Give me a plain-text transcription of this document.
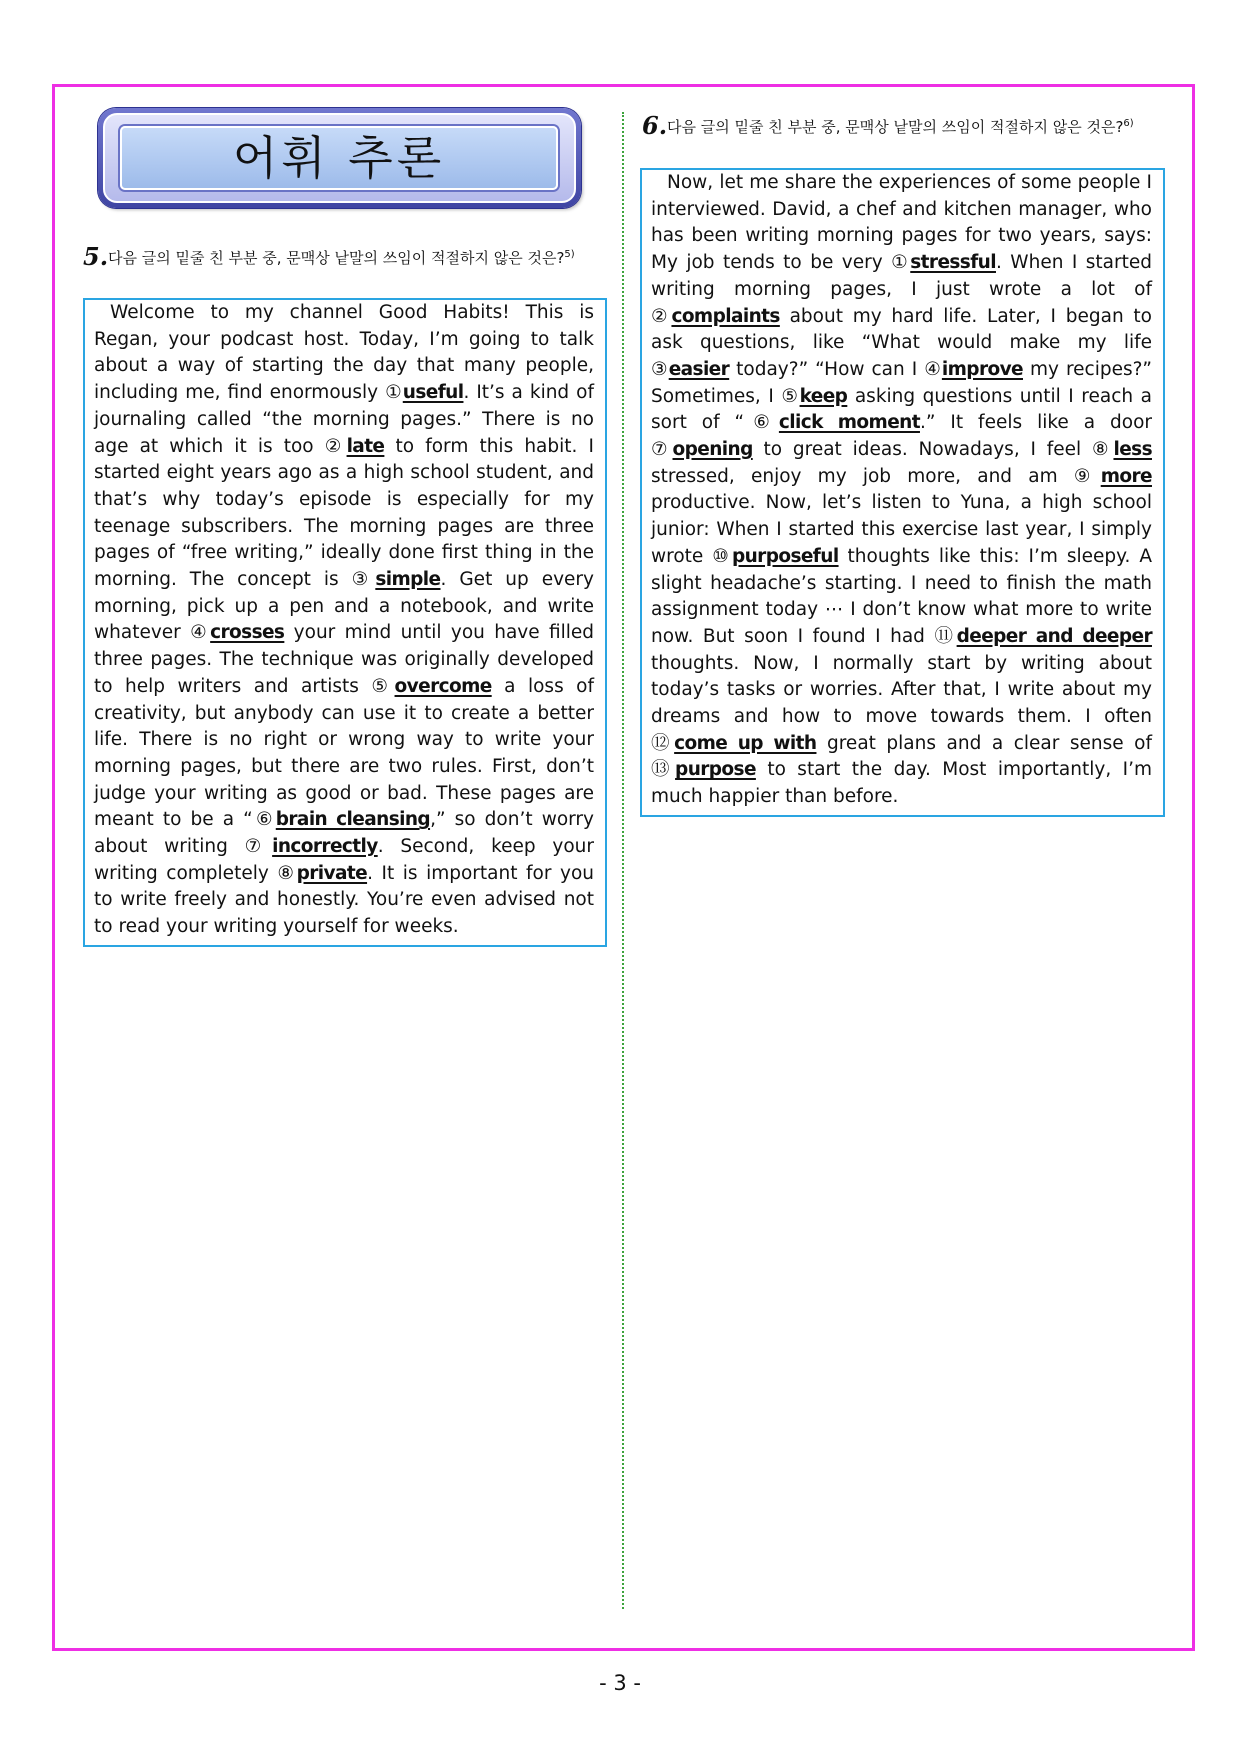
어휘 추론
5. 다음 글의 밑줄 친 부분 중, 문맥상 낱말의 쓰임이 적절하지 않은 것은?$^{5)}$

Welcome to my channel Good Habits! This is Regan, your podcast host. Today, I’m going to talk about a way of starting the day that many people, including me, find enormously ①useful. It’s a kind of journaling called “the morning pages.” There is no age at which it is too ②late to form this habit. I started eight years ago as a high school student, and that’s why today’s episode is especially for my teenage subscribers. The morning pages are three pages of “free writing,” ideally done first thing in the morning. The concept is ③simple. Get up every morning, pick up a pen and a notebook, and write whatever ④crosses your mind until you have filled three pages. The technique was originally developed to help writers and artists ⑤overcome a loss of creativity, but anybody can use it to create a better life. There is no right or wrong way to write your morning pages, but there are two rules. First, don’t judge your writing as good or bad. These pages are meant to be a “⑥brain cleansing,” so don’t worry about writing ⑦incorrectly. Second, keep your writing completely ⑧private. It is important for you to write freely and honestly. You’re even advised not to read your writing yourself for weeks.
6. 다음 글의 밑줄 친 부분 중, 문맥상 낱말의 쓰임이 적절하지 않은 것은?$^{6)}$

Now, let me share the experiences of some people I interviewed. David, a chef and kitchen manager, who has been writing morning pages for two years, says: My job tends to be very ①stressful. When I started writing morning pages, I just wrote a lot of ②complaints about my hard life. Later, I began to ask questions, like “What would make my life ③easier today?” “How can I ④improve my recipes?” Sometimes, I ⑤keep asking questions until I reach a sort of “⑥click moment.” It feels like a door ⑦opening to great ideas. Nowadays, I feel ⑧less stressed, enjoy my job more, and am ⑨more productive. Now, let’s listen to Yuna, a high school junior: When I started this exercise last year, I simply wrote ⑩purposeful thoughts like this: I’m sleepy. A slight headache’s starting. I need to finish the math assignment today ⋯ I don’t know what more to write now. But soon I found I had ⑪deeper and deeper thoughts. Now, I normally start by writing about today’s tasks or worries. After that, I write about my dreams and how to move towards them. I often ⑫come up with great plans and a clear sense of ⑬purpose to start the day. Most importantly, I’m much happier than before.
- 3 -
